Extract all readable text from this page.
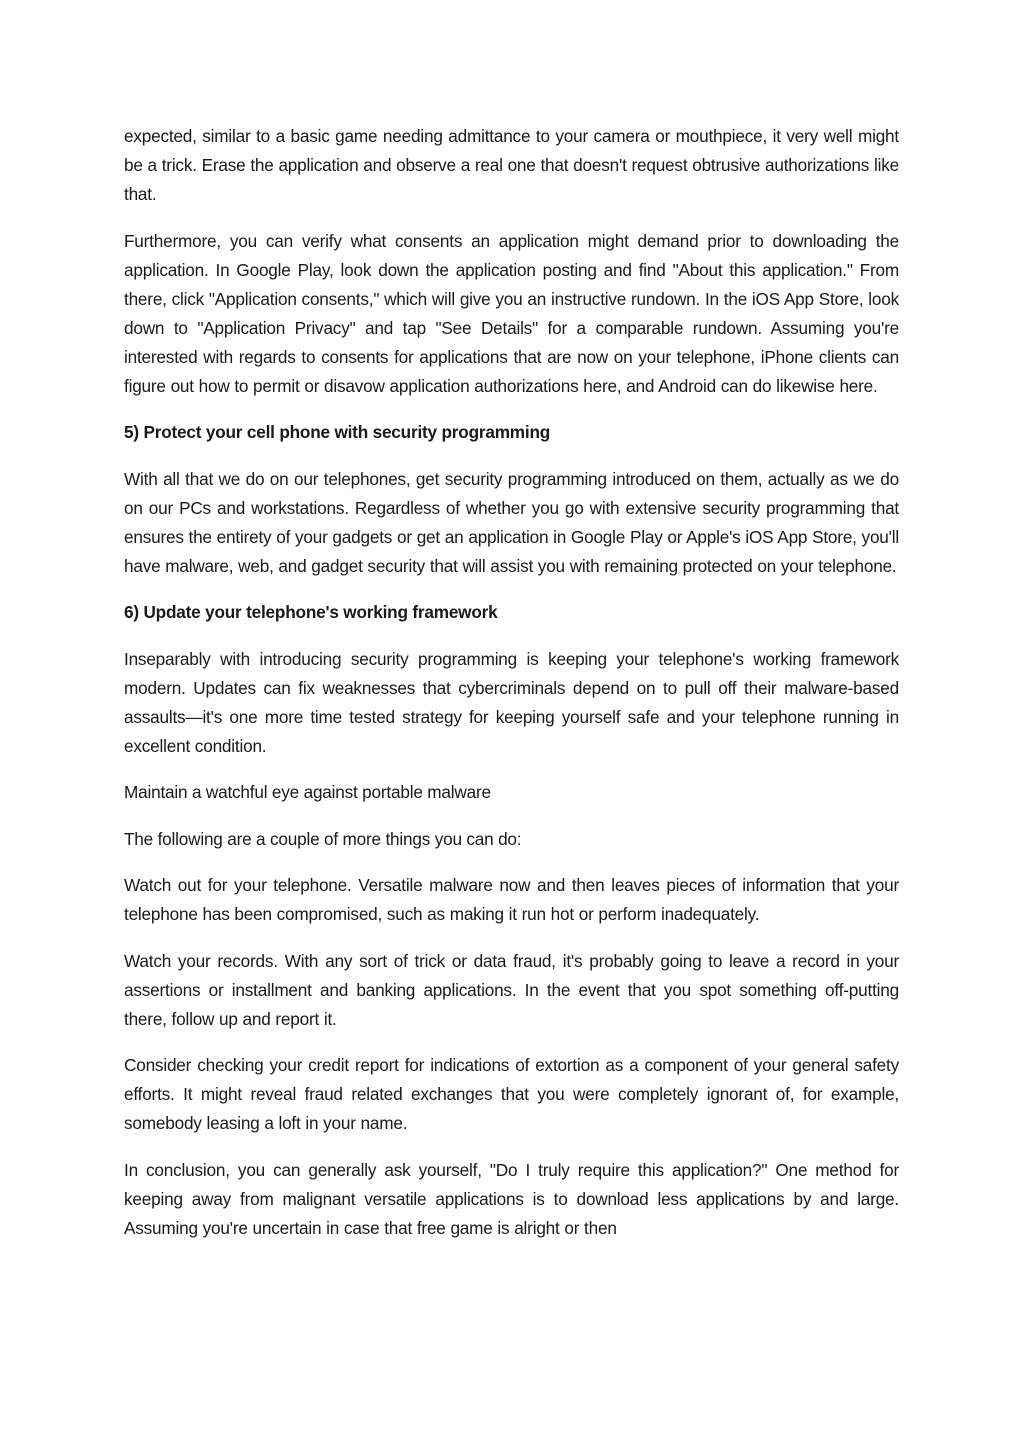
expected, similar to a basic game needing admittance to your camera or mouthpiece, it very well might be a trick. Erase the application and observe a real one that doesn't request obtrusive authorizations like that.

Furthermore, you can verify what consents an application might demand prior to downloading the application. In Google Play, look down the application posting and find "About this application." From there, click "Application consents," which will give you an instructive rundown. In the iOS App Store, look down to "Application Privacy" and tap "See Details" for a comparable rundown. Assuming you're interested with regards to consents for applications that are now on your telephone, iPhone clients can figure out how to permit or disavow application authorizations here, and Android can do likewise here.

5) Protect your cell phone with security programming

With all that we do on our telephones, get security programming introduced on them, actually as we do on our PCs and workstations. Regardless of whether you go with extensive security programming that ensures the entirety of your gadgets or get an application in Google Play or Apple's iOS App Store, you'll have malware, web, and gadget security that will assist you with remaining protected on your telephone.

6) Update your telephone's working framework

Inseparably with introducing security programming is keeping your telephone's working framework modern. Updates can fix weaknesses that cybercriminals depend on to pull off their malware-based assaults—it's one more time tested strategy for keeping yourself safe and your telephone running in excellent condition.

Maintain a watchful eye against portable malware

The following are a couple of more things you can do:

Watch out for your telephone. Versatile malware now and then leaves pieces of information that your telephone has been compromised, such as making it run hot or perform inadequately.

Watch your records. With any sort of trick or data fraud, it's probably going to leave a record in your assertions or installment and banking applications. In the event that you spot something off-putting there, follow up and report it.

Consider checking your credit report for indications of extortion as a component of your general safety efforts. It might reveal fraud related exchanges that you were completely ignorant of, for example, somebody leasing a loft in your name.

In conclusion, you can generally ask yourself, "Do I truly require this application?" One method for keeping away from malignant versatile applications is to download less applications by and large. Assuming you're uncertain in case that free game is alright or then
